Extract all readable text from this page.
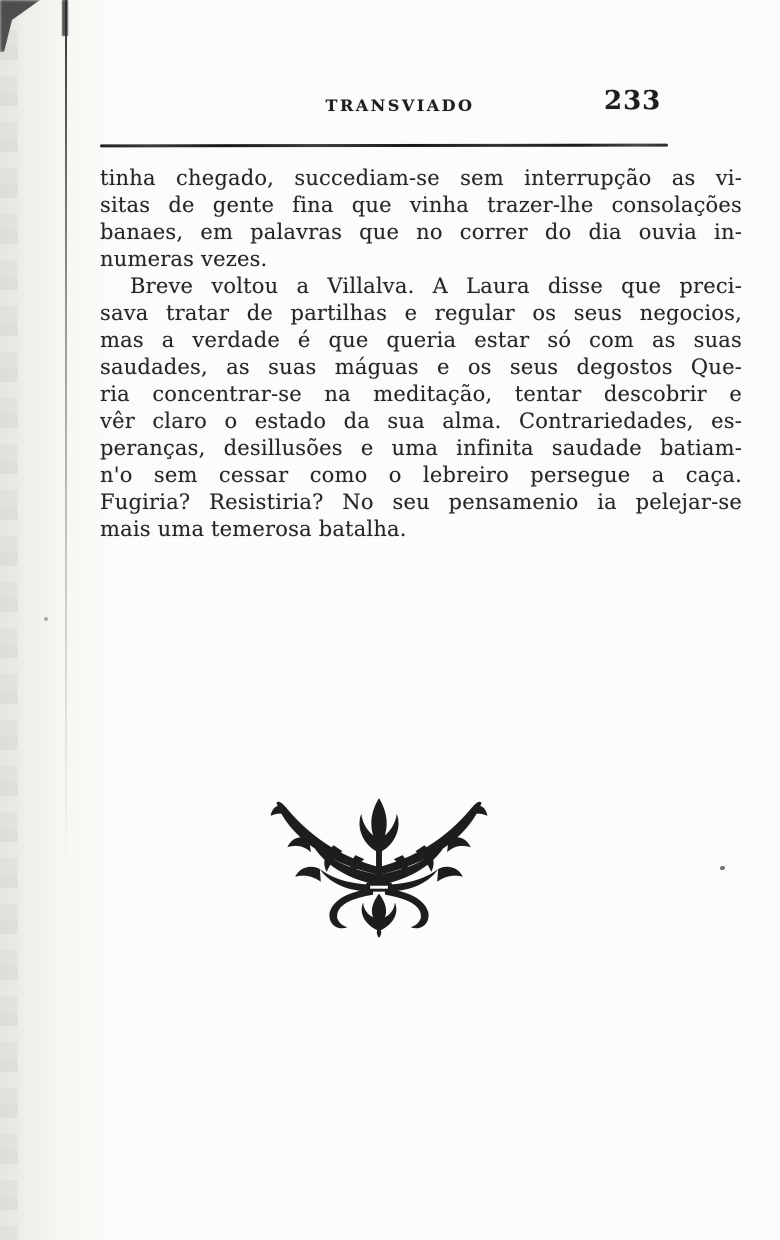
TRANSVIADO	233
tinha chegado, succediam-se sem interrupção as vi-
sitas de gente fina que vinha trazer-lhe consolações
banaes, em palavras que no correr do dia ouvia in-
numeras vezes.
Breve voltou a Villalva. A Laura disse que preci-
sava tratar de partilhas e regular os seus negocios,
mas a verdade é que queria estar só com as suas
saudades, as suas máguas e os seus degostos Que-
ria concentrar-se na meditação, tentar descobrir e
vêr claro o estado da sua alma. Contrariedades, es-
peranças, desillusões e uma infinita saudade batiam-
n'o sem cessar como o lebreiro persegue a caça.
Fugiria? Resistiria? No seu pensamenio ia pelejar-se
mais uma temerosa batalha.
